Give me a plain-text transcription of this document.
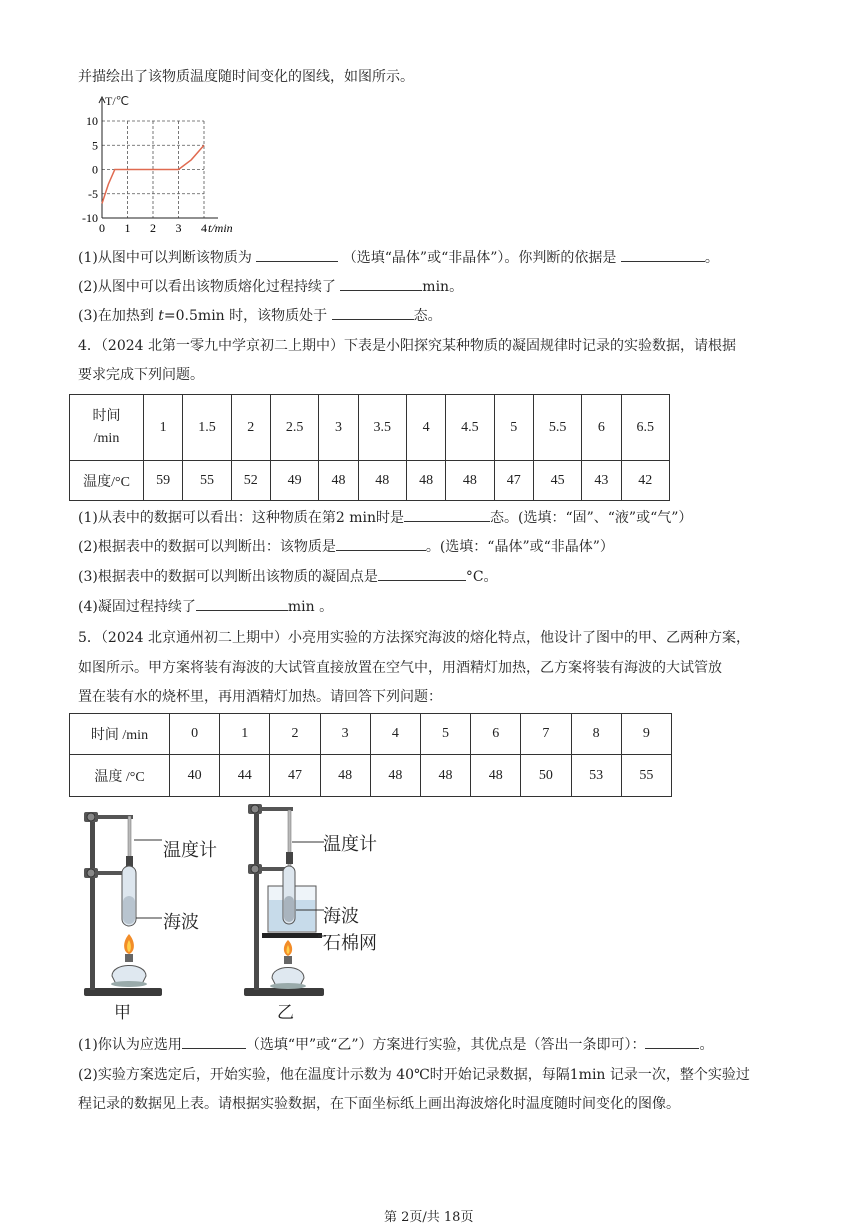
并描绘出了该物质温度随时间变化的图线，如图所示。
10
5
0
-5
-10
0 1 2 3 4 t/min
T/℃
(1)从图中可以判断该物质为	（选填“晶体”或“非晶体”）。你判断的依据是	。
(2)从图中可以看出该物质熔化过程持续了	min。
(3)在加热到 t=0.5min 时，该物质处于	态。
4．（2024 北第一零九中学京初二上期中）下表是小阳探究某种物质的凝固规律时记录的实验数据，请根据
要求完成下列问题。
时间
/min	1	1.5	2	2.5	3	3.5	4	4.5	5	5.5	6	6.5
温度/°C	59	55	52	49	48	48	48	48	47	45	43	42
(1)从表中的数据可以看出：这种物质在第2 min时是	态。(选填：“固”、“液”或“气”）
(2)根据表中的数据可以判断出：该物质是	。(选填：“晶体”或“非晶体”）
(3)根据表中的数据可以判断出该物质的凝固点是	°C。
(4)凝固过程持续了	min 。
5．（2024 北京通州初二上期中）小亮用实验的方法探究海波的熔化特点，他设计了图中的甲、乙两种方案，
如图所示。甲方案将装有海波的大试管直接放置在空气中，用酒精灯加热，乙方案将装有海波的大试管放
置在装有水的烧杯里，再用酒精灯加热。请回答下列问题：
时间 /min	0	1	2	3	4	5	6	7	8	9
温度 /°C	40	44	47	48	48	48	48	50	53	55
温度计
海波
甲
温度计
海波
石棉网
乙
(1)你认为应选用	（选填“甲”或“乙”）方案进行实验，其优点是（答出一条即可）：	。
(2)实验方案选定后，开始实验，他在温度计示数为 40℃时开始记录数据，每隔1min 记录一次，整个实验过
程记录的数据见上表。请根据实验数据，在下面坐标纸上画出海波熔化时温度随时间变化的图像。
第 2页/共 18页
